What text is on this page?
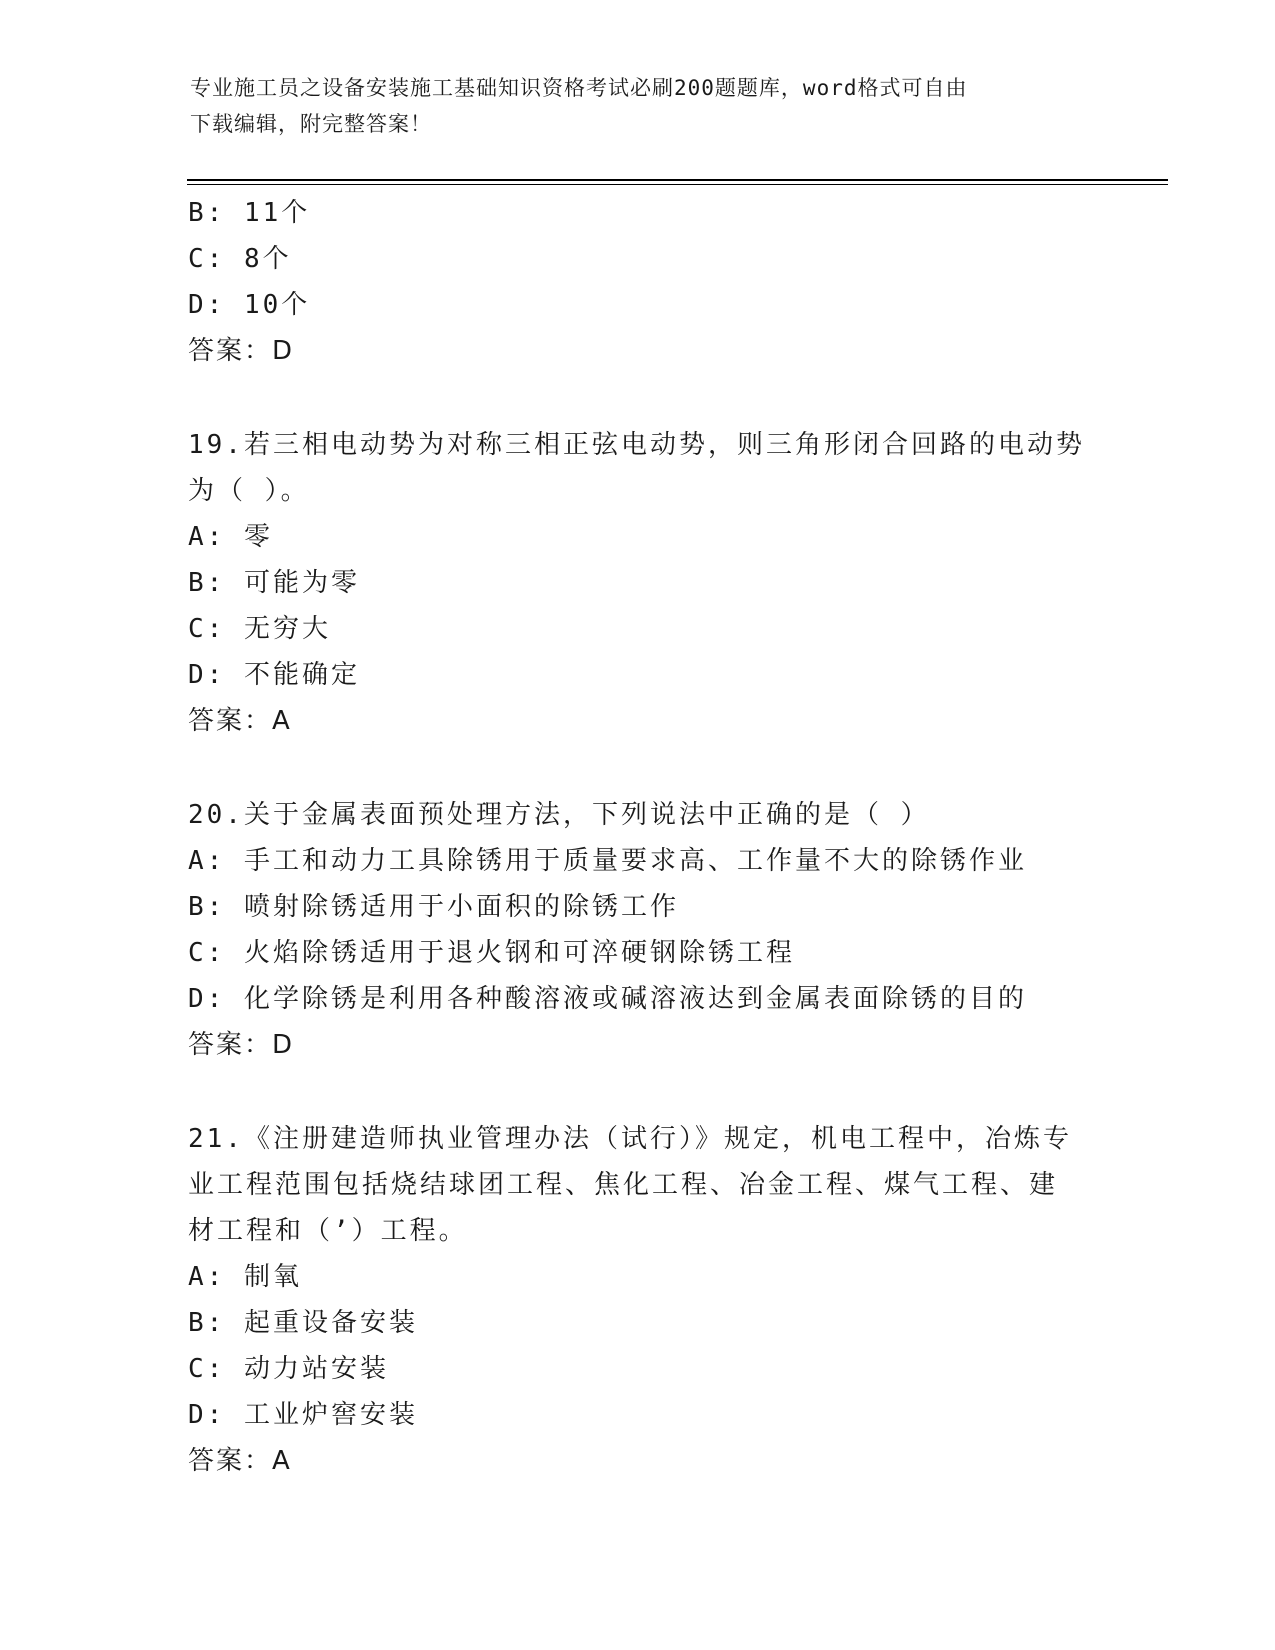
专业施工员之设备安装施工基础知识资格考试必刷200题题库，word格式可自由
下载编辑，附完整答案！
B: 11个
C: 8个
D: 10个
答案：D
19.若三相电动势为对称三相正弦电动势，则三角形闭合回路的电动势
为（ ）。
A: 零
B: 可能为零
C: 无穷大
D: 不能确定
答案：A
20.关于金属表面预处理方法，下列说法中正确的是（ ）
A: 手工和动力工具除锈用于质量要求高、工作量不大的除锈作业
B: 喷射除锈适用于小面积的除锈工作
C: 火焰除锈适用于退火钢和可淬硬钢除锈工程
D: 化学除锈是利用各种酸溶液或碱溶液达到金属表面除锈的目的
答案：D
21.《注册建造师执业管理办法（试行）》规定，机电工程中，冶炼专
业工程范围包括烧结球团工程、焦化工程、冶金工程、煤气工程、建
材工程和（’）工程。
A: 制氧
B: 起重设备安装
C: 动力站安装
D: 工业炉窖安装
答案：A
